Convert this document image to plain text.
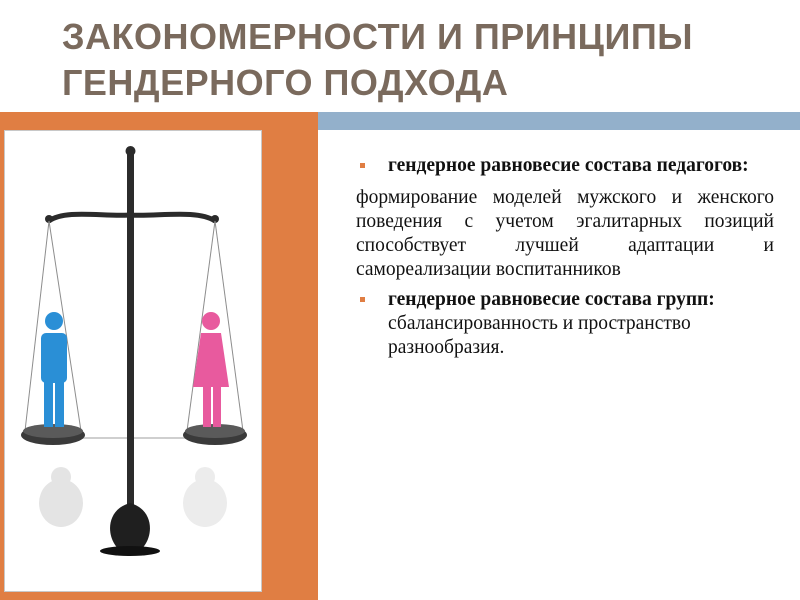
ЗАКОНОМЕРНОСТИ И ПРИНЦИПЫ ГЕНДЕРНОГО ПОДХОДА

гендерное равновесие состава педагогов:

формирование моделей мужского и женского поведения с учетом эгалитарных позиций способствует лучшей адаптации и самореализации воспитанников

гендерное равновесие состава групп: сбалансированность и пространство разнообразия.
